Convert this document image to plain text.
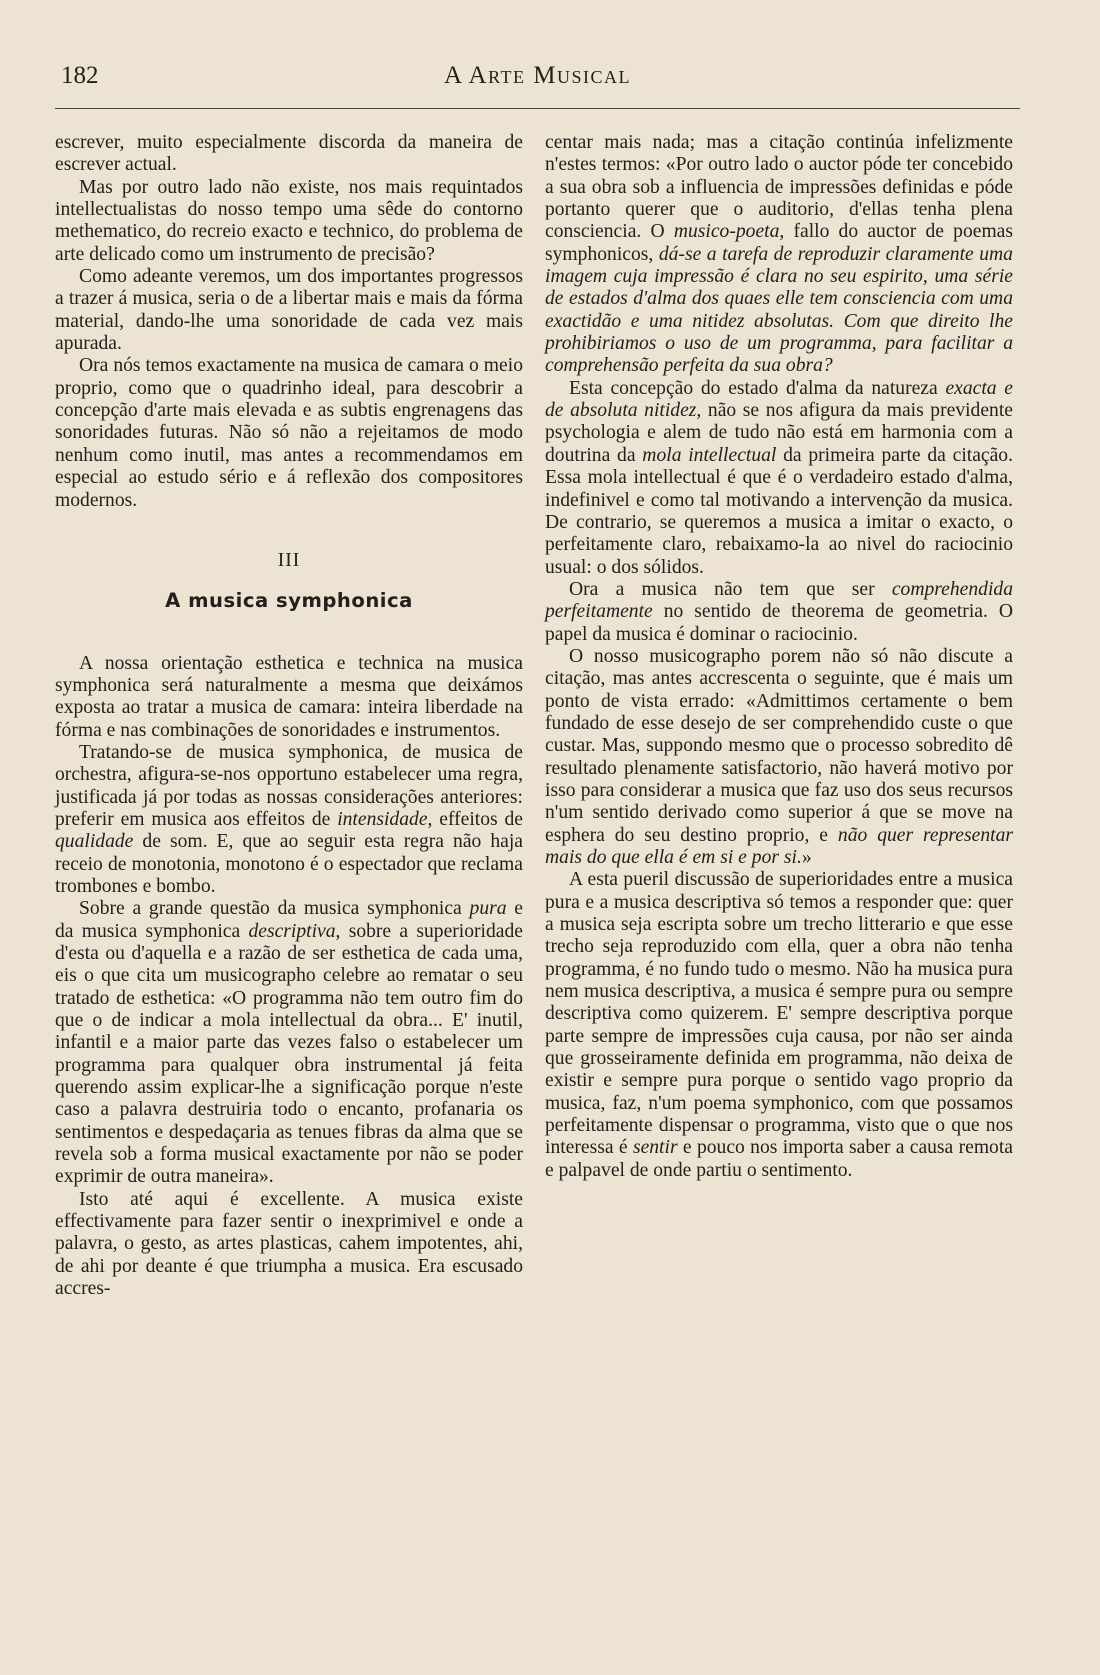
182	A Arte Musical

escrever, muito especialmente discorda da maneira de escrever actual.

Mas por outro lado não existe, nos mais requintados intellectualistas do nosso tempo uma sêde do contorno methematico, do recreio exacto e technico, do problema de arte delicado como um instrumento de precisão?

Como adeante veremos, um dos importantes progressos a trazer á musica, seria o de a libertar mais e mais da fórma material, dando-lhe uma sonoridade de cada vez mais apurada.

Ora nós temos exactamente na musica de camara o meio proprio, como que o quadrinho ideal, para descobrir a concepção d'arte mais elevada e as subtis engrenagens das sonoridades futuras. Não só não a rejeitamos de modo nenhum como inutil, mas antes a recommendamos em especial ao estudo sério e á reflexão dos compositores modernos.

III
A musica symphonica

A nossa orientação esthetica e technica na musica symphonica será naturalmente a mesma que deixámos exposta ao tratar a musica de camara: inteira liberdade na fórma e nas combinações de sonoridades e instrumentos.

Tratando-se de musica symphonica, de musica de orchestra, afigura-se-nos opportuno estabelecer uma regra, justificada já por todas as nossas considerações anteriores: preferir em musica aos effeitos de intensidade, effeitos de qualidade de som. E, que ao seguir esta regra não haja receio de monotonia, monotono é o espectador que reclama trombones e bombo.

Sobre a grande questão da musica symphonica pura e da musica symphonica descriptiva, sobre a superioridade d'esta ou d'aquella e a razão de ser esthetica de cada uma, eis o que cita um musicographo celebre ao rematar o seu tratado de esthetica: «O programma não tem outro fim do que o de indicar a mola intellectual da obra... E' inutil, infantil e a maior parte das vezes falso o estabelecer um programma para qualquer obra instrumental já feita querendo assim explicar-lhe a significação porque n'este caso a palavra destruiria todo o encanto, profanaria os sentimentos e despedaçaria as tenues fibras da alma que se revela sob a forma musical exactamente por não se poder exprimir de outra maneira».

Isto até aqui é excellente. A musica existe effectivamente para fazer sentir o inexprimivel e onde a palavra, o gesto, as artes plasticas, cahem impotentes, ahi, de ahi por deante é que triumpha a musica. Era escusado accres-

centar mais nada; mas a citação continúa infelizmente n'estes termos: «Por outro lado o auctor póde ter concebido a sua obra sob a influencia de impressões definidas e póde portanto querer que o auditorio, d'ellas tenha plena consciencia. O musico-poeta, fallo do auctor de poemas symphonicos, dá-se a tarefa de reproduzir claramente uma imagem cuja impressão é clara no seu espirito, uma série de estados d'alma dos quaes elle tem consciencia com uma exactidão e uma nitidez absolutas. Com que direito lhe prohibiriamos o uso de um programma, para facilitar a comprehensão perfeita da sua obra?

Esta concepção do estado d'alma da natureza exacta e de absoluta nitidez, não se nos afigura da mais previdente psychologia e alem de tudo não está em harmonia com a doutrina da mola intellectual da primeira parte da citação. Essa mola intellectual é que é o verdadeiro estado d'alma, indefinivel e como tal motivando a intervenção da musica. De contrario, se queremos a musica a imitar o exacto, o perfeitamente claro, rebaixamo-la ao nivel do raciocinio usual: o dos sólidos.

Ora a musica não tem que ser comprehendida perfeitamente no sentido de theorema de geometria. O papel da musica é dominar o raciocinio.

O nosso musicographo porem não só não discute a citação, mas antes accrescenta o seguinte, que é mais um ponto de vista errado: «Admittimos certamente o bem fundado de esse desejo de ser comprehendido custe o que custar. Mas, suppondo mesmo que o processo sobredito dê resultado plenamente satisfactorio, não haverá motivo por isso para considerar a musica que faz uso dos seus recursos n'um sentido derivado como superior á que se move na esphera do seu destino proprio, e não quer representar mais do que ella é em si e por si.»

A esta pueril discussão de superioridades entre a musica pura e a musica descriptiva só temos a responder que: quer a musica seja escripta sobre um trecho litterario e que esse trecho seja reproduzido com ella, quer a obra não tenha programma, é no fundo tudo o mesmo. Não ha musica pura nem musica descriptiva, a musica é sempre pura ou sempre descriptiva como quizerem. E' sempre descriptiva porque parte sempre de impressões cuja causa, por não ser ainda que grosseiramente definida em programma, não deixa de existir e sempre pura porque o sentido vago proprio da musica, faz, n'um poema symphonico, com que possamos perfeitamente dispensar o programma, visto que o que nos interessa é sentir e pouco nos importa saber a causa remota e palpavel de onde partiu o sentimento.
